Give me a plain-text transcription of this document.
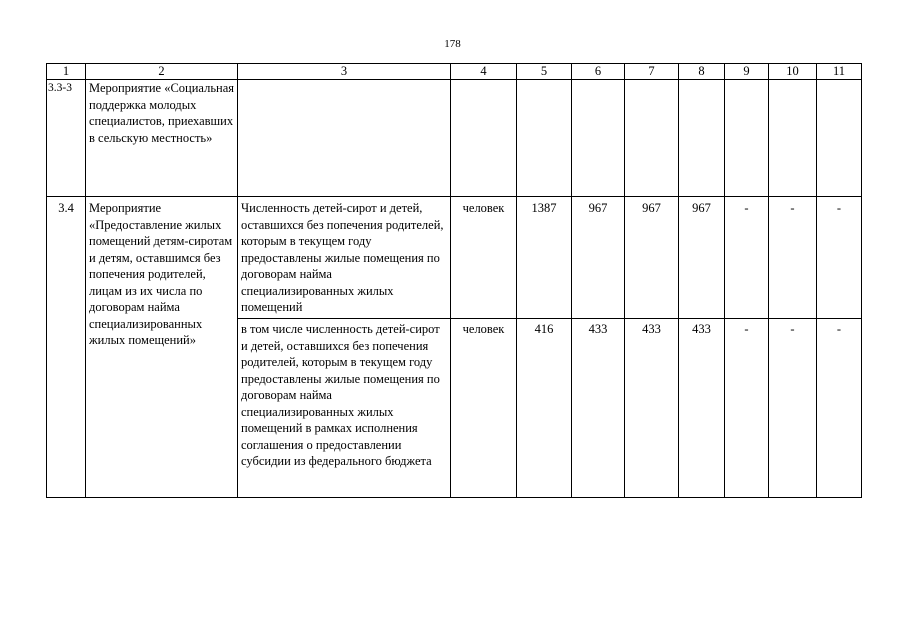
178
1	2	3	4	5	6	7	8	9	10	11
3.3-3	Мероприятие «Социальная поддержка молодых специалистов, приехавших в сельскую местность»									
3.4	Мероприятие «Предоставление жилых помещений детям-сиротам и детям, оставшимся без попечения родителей, лицам из их числа по договорам найма специализированных жилых помещений»	Численность детей-сирот и детей, оставшихся без попечения родителей, которым в текущем году предоставлены жилые помещения по договорам найма специализированных жилых помещений	человек	1387	967	967	967	-	-	-
		в том числе численность детей-сирот и детей, оставшихся без попечения родителей, которым в текущем году предоставлены жилые помещения по договорам найма специализированных жилых помещений в рамках исполнения соглашения о предоставлении субсидии из федерального бюджета	человек	416	433	433	433	-	-	-
